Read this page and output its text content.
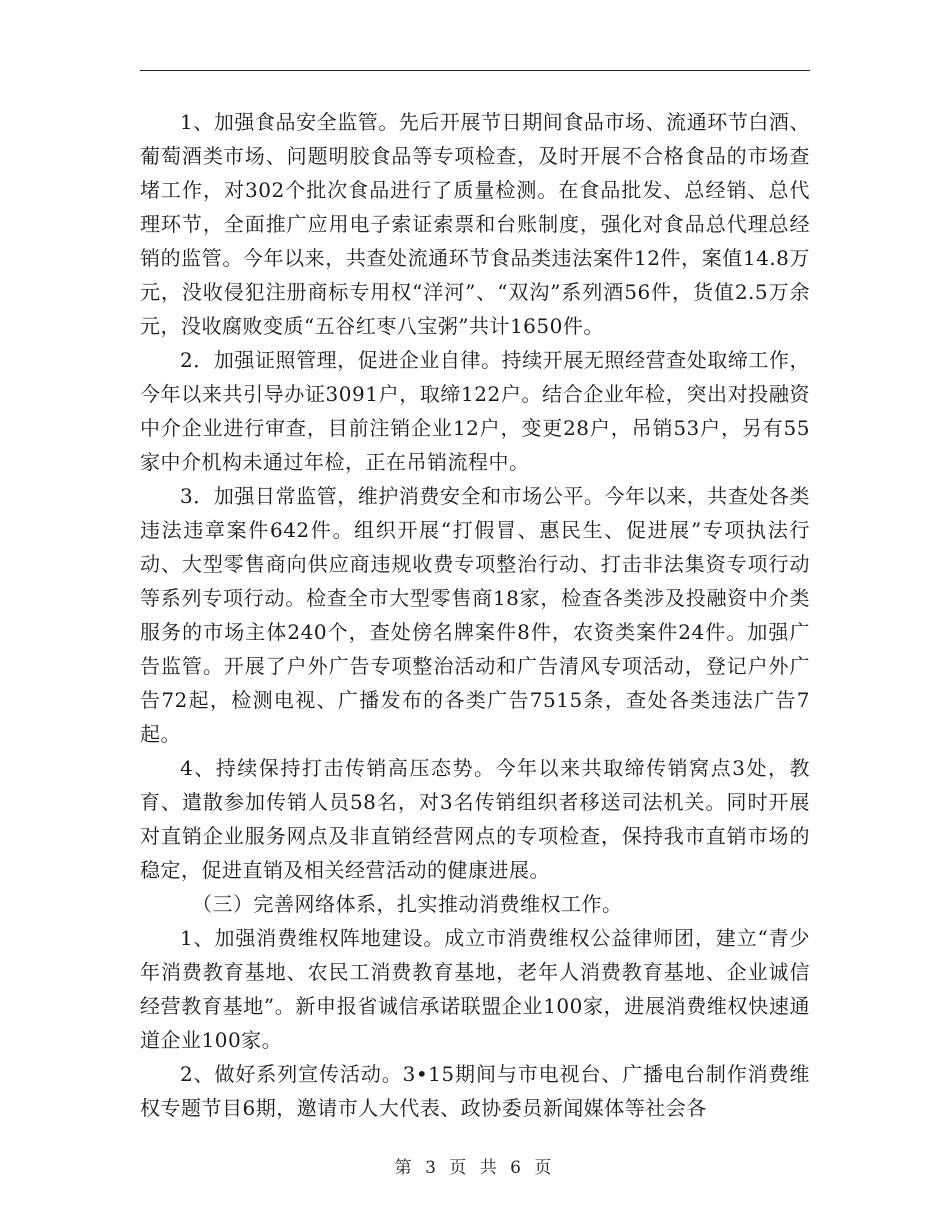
1、加强食品安全监管。先后开展节日期间食品市场、流通环节白酒、葡萄酒类市场、问题明胶食品等专项检查，及时开展不合格食品的市场查堵工作，对302个批次食品进行了质量检测。在食品批发、总经销、总代理环节，全面推广应用电子索证索票和台账制度，强化对食品总代理总经销的监管。今年以来，共查处流通环节食品类违法案件12件，案值14.8万元，没收侵犯注册商标专用权“洋河”、“双沟”系列酒56件，货值2.5万余元，没收腐败变质“五谷红枣八宝粥”共计1650件。

2．加强证照管理，促进企业自律。持续开展无照经营查处取缔工作，今年以来共引导办证3091户，取缔122户。结合企业年检，突出对投融资中介企业进行审查，目前注销企业12户，变更28户，吊销53户，另有55家中介机构未通过年检，正在吊销流程中。

3．加强日常监管，维护消费安全和市场公平。今年以来，共查处各类违法违章案件642件。组织开展“打假冒、惠民生、促进展”专项执法行动、大型零售商向供应商违规收费专项整治行动、打击非法集资专项行动等系列专项行动。检查全市大型零售商18家，检查各类涉及投融资中介类服务的市场主体240个，查处傍名牌案件8件，农资类案件24件。加强广告监管。开展了户外广告专项整治活动和广告清风专项活动，登记户外广告72起，检测电视、广播发布的各类广告7515条，查处各类违法广告7起。

4、持续保持打击传销高压态势。今年以来共取缔传销窝点3处，教育、遣散参加传销人员58名，对3名传销组织者移送司法机关。同时开展对直销企业服务网点及非直销经营网点的专项检查，保持我市直销市场的稳定，促进直销及相关经营活动的健康进展。

（三）完善网络体系，扎实推动消费维权工作。

1、加强消费维权阵地建设。成立市消费维权公益律师团，建立“青少年消费教育基地、农民工消费教育基地，老年人消费教育基地、企业诚信经营教育基地”。新申报省诚信承诺联盟企业100家，进展消费维权快速通道企业100家。

2、做好系列宣传活动。3•15期间与市电视台、广播电台制作消费维权专题节目6期，邀请市人大代表、政协委员新闻媒体等社会各

第 3 页 共 6 页
